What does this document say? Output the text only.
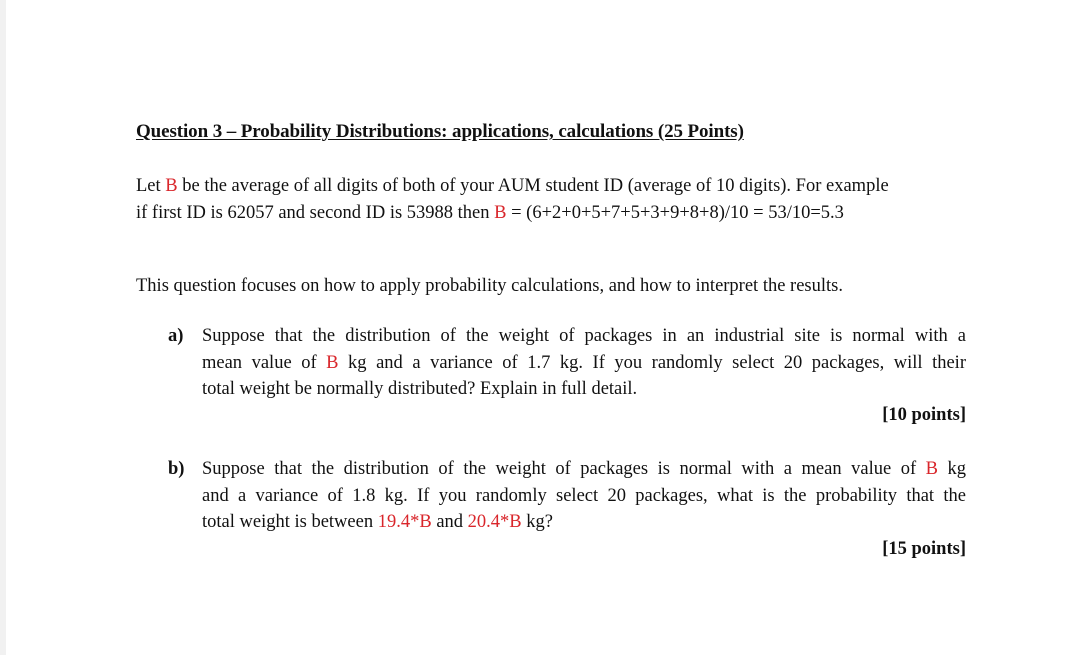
Question 3 – Probability Distributions: applications, calculations (25 Points)
Let B be the average of all digits of both of your AUM student ID (average of 10 digits). For example
if first ID is 62057 and second ID is 53988 then B = (6+2+0+5+7+5+3+9+8+8)/10 = 53/10=5.3
This question focuses on how to apply probability calculations, and how to interpret the results.
a) Suppose that the distribution of the weight of packages in an industrial site is normal with a
mean value of B kg and a variance of 1.7 kg. If you randomly select 20 packages, will their
total weight be normally distributed? Explain in full detail.
[10 points]
b) Suppose that the distribution of the weight of packages is normal with a mean value of B kg
and a variance of 1.8 kg. If you randomly select 20 packages, what is the probability that the
total weight is between 19.4*B and 20.4*B kg?
[15 points]
